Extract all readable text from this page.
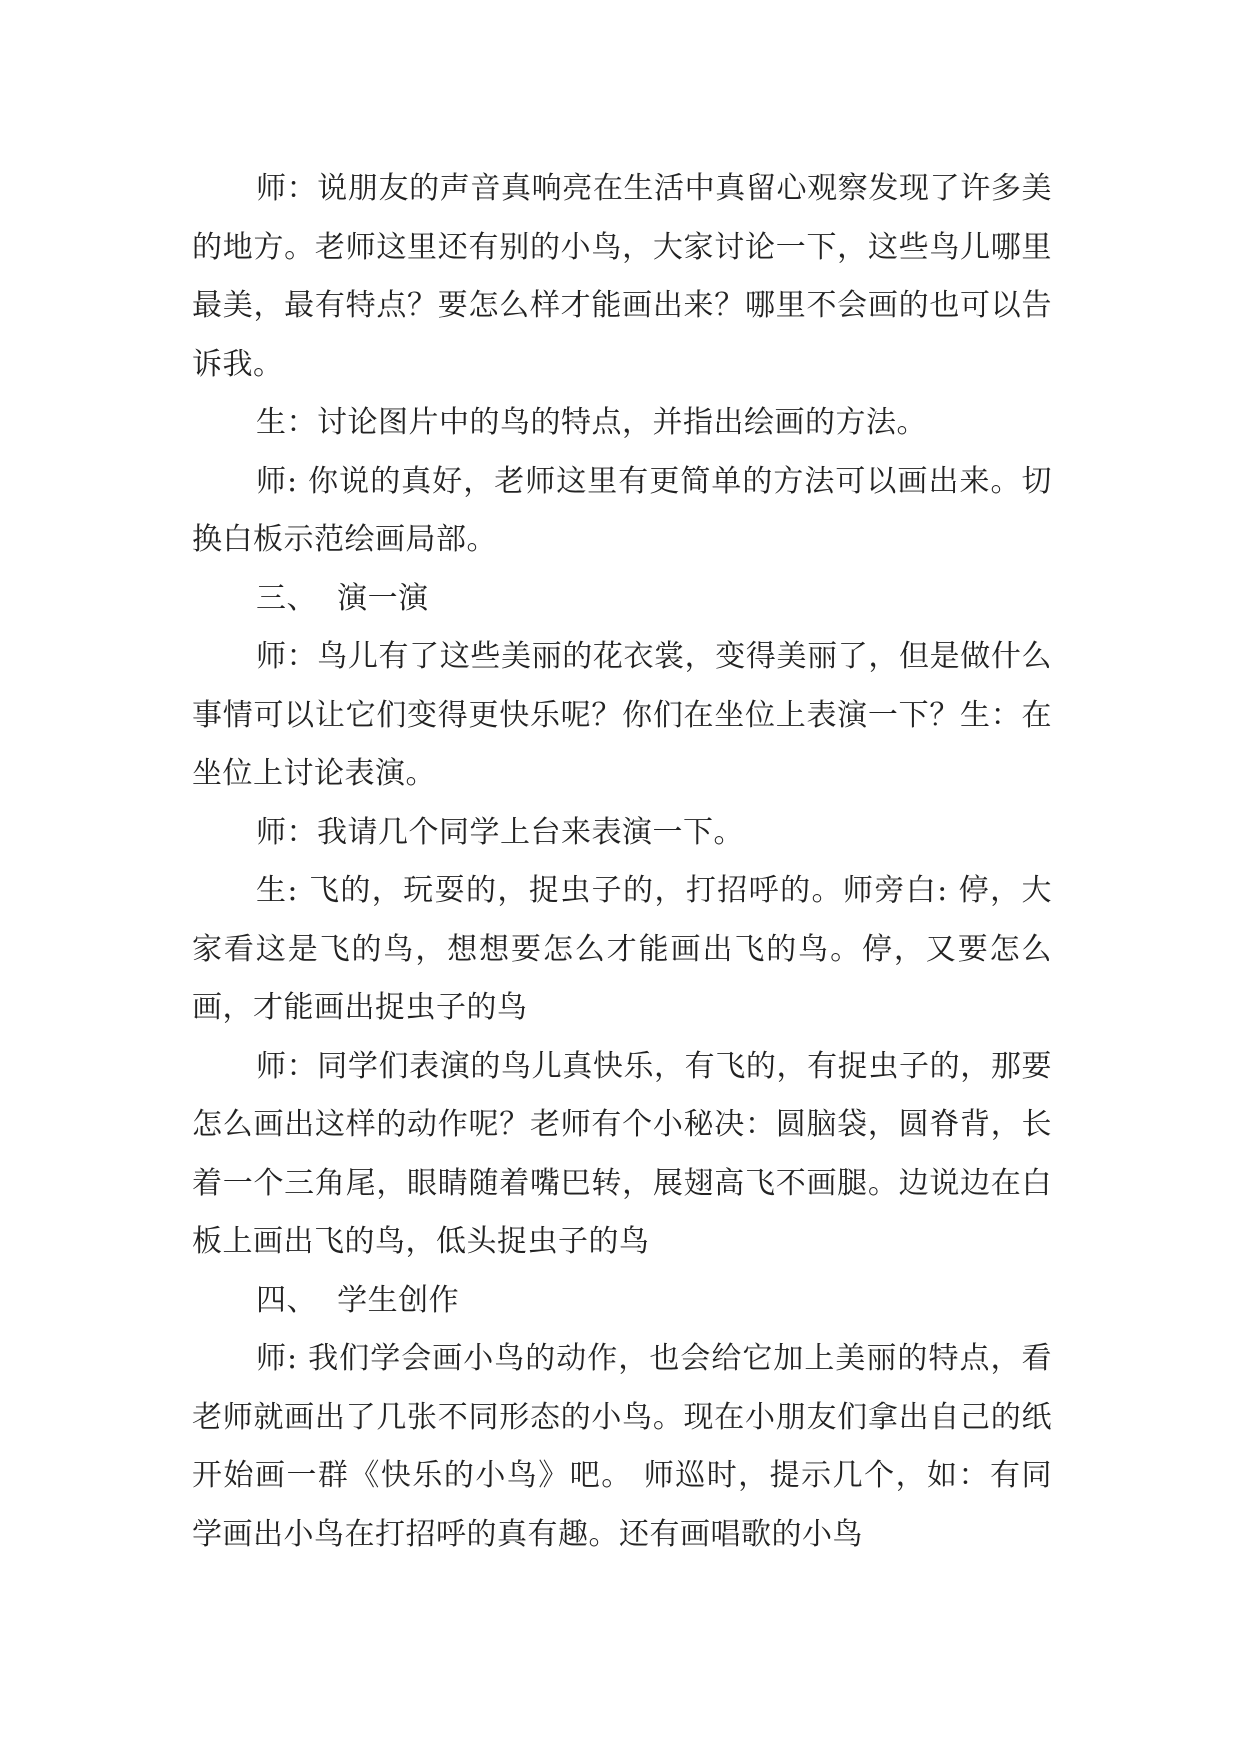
师：说朋友的声音真响亮在生活中真留心观察发现了许多美的地方。老师这里还有别的小鸟，大家讨论一下，这些鸟儿哪里最美，最有特点？要怎么样才能画出来？哪里不会画的也可以告诉我。

生：讨论图片中的鸟的特点，并指出绘画的方法。

师: 你说的真好，老师这里有更简单的方法可以画出来。切换白板示范绘画局部。

三、  演一演

师：鸟儿有了这些美丽的花衣裳，变得美丽了，但是做什么事情可以让它们变得更快乐呢？你们在坐位上表演一下？生：在坐位上讨论表演。

师：我请几个同学上台来表演一下。

生: 飞的，玩耍的，捉虫子的，打招呼的。师旁白: 停，大家看这是飞的鸟，想想要怎么才能画出飞的鸟。停，又要怎么画，才能画出捉虫子的鸟

师：同学们表演的鸟儿真快乐，有飞的，有捉虫子的，那要怎么画出这样的动作呢？老师有个小秘决：圆脑袋，圆脊背，长着一个三角尾，眼睛随着嘴巴转，展翅高飞不画腿。边说边在白板上画出飞的鸟，低头捉虫子的鸟

四、  学生创作

师: 我们学会画小鸟的动作，也会给它加上美丽的特点，看老师就画出了几张不同形态的小鸟。现在小朋友们拿出自己的纸开始画一群《快乐的小鸟》吧。 师巡时，提示几个，如：有同学画出小鸟在打招呼的真有趣。还有画唱歌的小鸟
